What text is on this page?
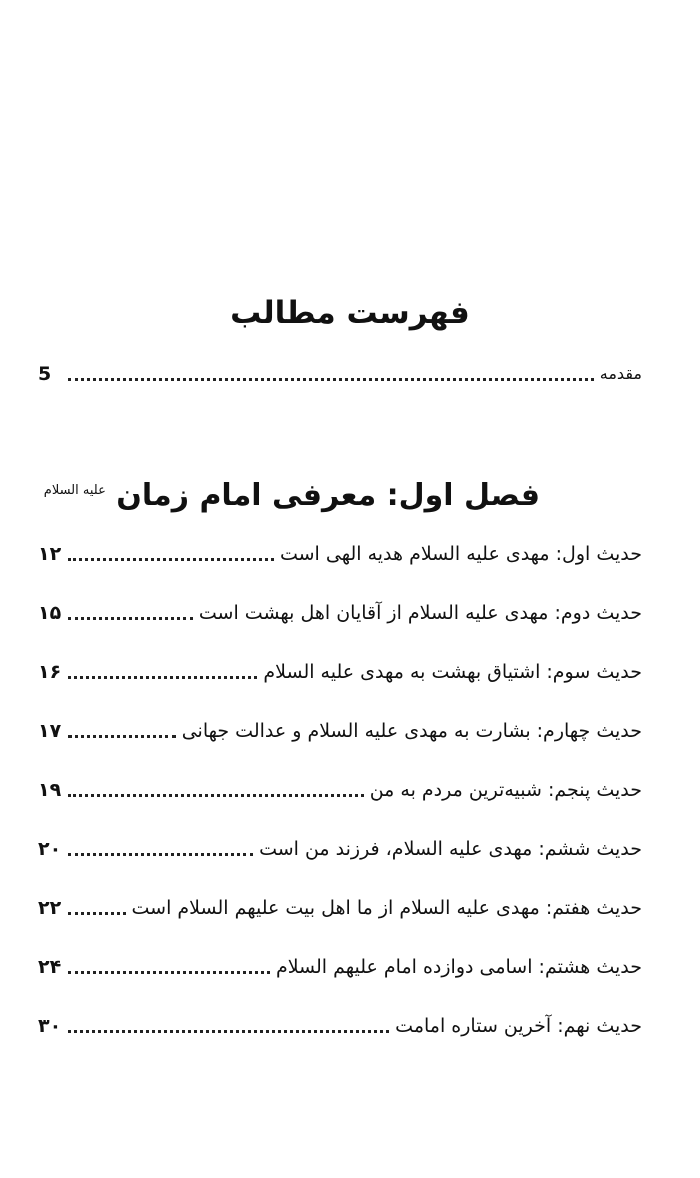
فهرست مطالب
مقدمه
5
فصل اول: معرفی امام زمان $^{عليه السلام}$
حدیث اول: مهدی عليه السلام هدیه الهی است
۱۲
حدیث دوم: مهدی عليه السلام از آقایان اهل بهشت است
۱۵
حدیث سوم: اشتیاق بهشت به مهدی عليه السلام
۱۶
حدیث چهارم: بشارت به مهدی عليه السلام و عدالت جهانی
۱۷
حدیث پنجم: شبیه‌ترین مردم به من
۱۹
حدیث ششم: مهدی عليه السلام، فرزند من است
۲۰
حدیث هفتم: مهدی عليه السلام از ما اهل بیت عليهم السلام است
۲۲
حدیث هشتم: اسامی دوازده امام عليهم السلام
۲۴
حدیث نهم: آخرین ستاره امامت
۳۰
